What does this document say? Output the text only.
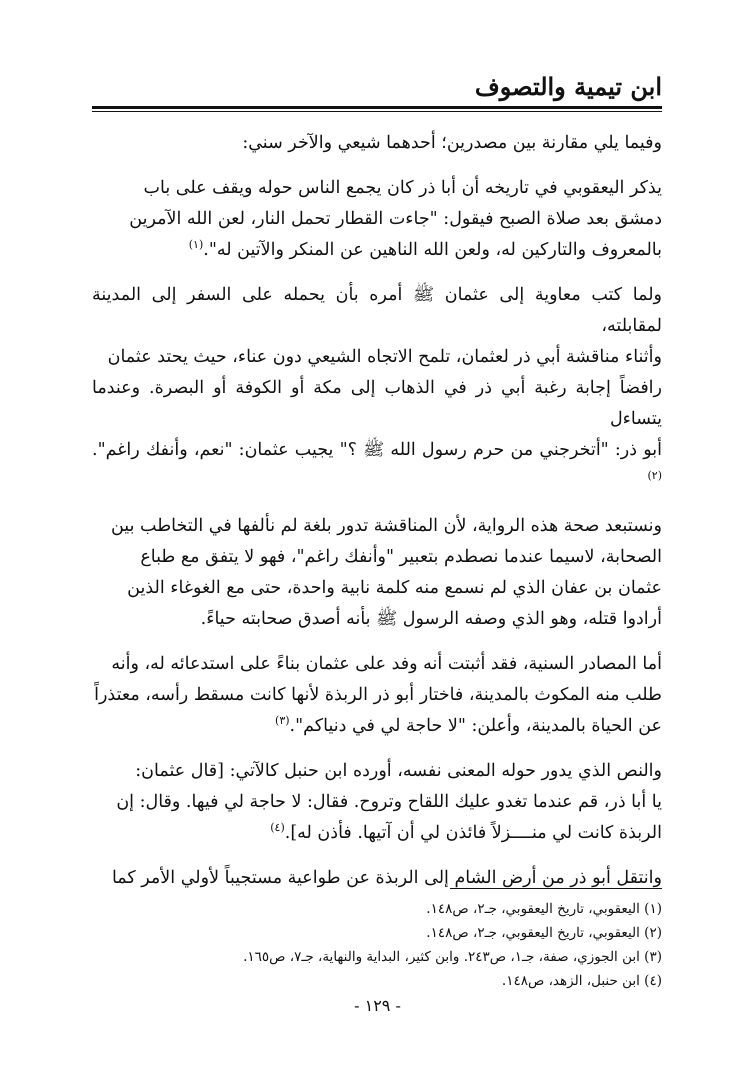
ابن تيمية والتصوف

وفيما يلي مقارنة بين مصدرين؛ أحدهما شيعي والآخر سني:

يذكر اليعقوبي في تاريخه أن أبا ذر كان يجمع الناس حوله ويقف على باب
دمشق بعد صلاة الصبح فيقول: "جاءت القطار تحمل النار، لعن الله الآمرين
بالمعروف والتاركين له، ولعن الله الناهين عن المنكر والآتين له".$^{(١)}$

ولما كتب معاوية إلى عثمان ﷺ أمره بأن يحمله على السفر إلى المدينة لمقابلته،
وأثناء مناقشة أبي ذر لعثمان، تلمح الاتجاه الشيعي دون عناء، حيث يحتد عثمان
رافضاً إجابة رغبة أبي ذر في الذهاب إلى مكة أو الكوفة أو البصرة. وعندما يتساءل
أبو ذر: "أتخرجني من حرم رسول الله ﷺ ؟" يجيب عثمان: "نعم، وأنفك راغم".$^{(٢)}$

ونستبعد صحة هذه الرواية، لأن المناقشة تدور بلغة لم نألفها في التخاطب بين
الصحابة، لاسيما عندما نصطدم بتعبير "وأنفك راغم"، فهو لا يتفق مع طباع
عثمان بن عفان الذي لم نسمع منه كلمة نابية واحدة، حتى مع الغوغاء الذين
أرادوا قتله، وهو الذي وصفه الرسول ﷺ بأنه أصدق صحابته حياءً.

أما المصادر السنية، فقد أثبتت أنه وفد على عثمان بناءً على استدعائه له، وأنه
طلب منه المكوث بالمدينة، فاختار أبو ذر الربذة لأنها كانت مسقط رأسه، معتذراً
عن الحياة بالمدينة، وأعلن: "لا حاجة لي في دنياكم".$^{(٣)}$

والنص الذي يدور حوله المعنى نفسه، أورده ابن حنبل كالآتي: [قال عثمان:
يا أبا ذر، قم عندما تغدو عليك اللقاح وتروح. فقال: لا حاجة لي فيها. وقال: إن
الربذة كانت لي منــــزلاً فائذن لي أن آتيها. فأذن له].$^{(٤)}$

وانتقل أبو ذر من أرض الشام إلى الربذة عن طواعية مستجيباً لأولي الأمر كما

(١) اليعقوبي، تاريخ اليعقوبي، جـ٢، ص١٤٨.
(٢) اليعقوبي، تاريخ اليعقوبي، جـ٢، ص١٤٨.
(٣) ابن الجوزي، صفة، جـ١، ص٢٤٣. وابن كثير، البداية والنهاية، جـ٧، ص١٦٥.
(٤) ابن حنبل، الزهد، ص١٤٨.
- ١٢٩ -
